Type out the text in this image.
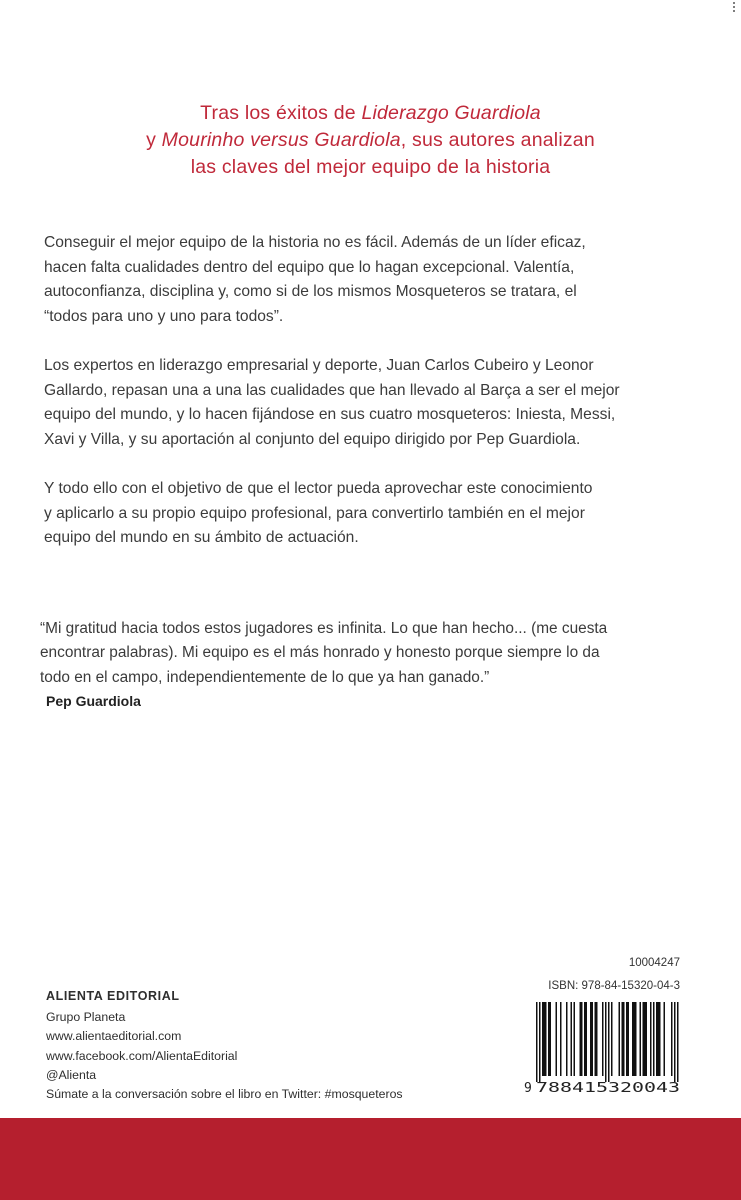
Tras los éxitos de Liderazgo Guardiola
y Mourinho versus Guardiola, sus autores analizan
las claves del mejor equipo de la historia

Conseguir el mejor equipo de la historia no es fácil. Además de un líder eficaz,
hacen falta cualidades dentro del equipo que lo hagan excepcional. Valentía,
autoconfianza, disciplina y, como si de los mismos Mosqueteros se tratara, el
“todos para uno y uno para todos”.

Los expertos en liderazgo empresarial y deporte, Juan Carlos Cubeiro y Leonor
Gallardo, repasan una a una las cualidades que han llevado al Barça a ser el mejor
equipo del mundo, y lo hacen fijándose en sus cuatro mosqueteros: Iniesta, Messi,
Xavi y Villa, y su aportación al conjunto del equipo dirigido por Pep Guardiola.

Y todo ello con el objetivo de que el lector pueda aprovechar este conocimiento
y aplicarlo a su propio equipo profesional, para convertirlo también en el mejor
equipo del mundo en su ámbito de actuación.

“Mi gratitud hacia todos estos jugadores es infinita. Lo que han hecho... (me cuesta
encontrar palabras). Mi equipo es el más honrado y honesto porque siempre lo da
todo en el campo, independientemente de lo que ya han ganado.”
Pep Guardiola
ALIENTA EDITORIAL
Grupo Planeta
www.alientaeditorial.com
www.facebook.com/AlientaEditorial
@Alienta
Súmate a la conversación sobre el libro en Twitter: #mosqueteros
10004247
ISBN: 978-84-15320-04-3
9 788415320043
